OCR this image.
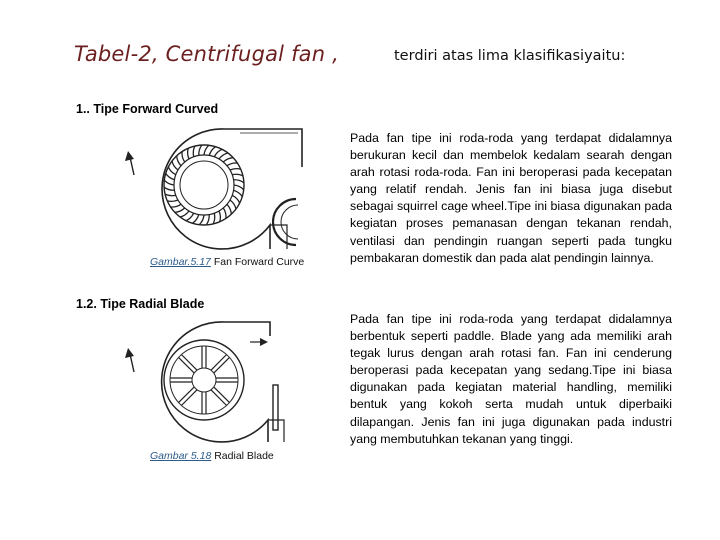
Tabel-2, Centrifugal fan ,	terdiri atas lima klasifikasiyaitu:
1.. Tipe Forward Curved
Gambar.5.17 Fan Forward Curve
Pada fan tipe ini roda-roda yang terdapat didalamnya berukuran kecil dan membelok kedalam searah dengan arah rotasi roda-roda. Fan ini beroperasi pada kecepatan yang relatif rendah. Jenis fan ini biasa juga disebut sebagai squirrel cage wheel.Tipe ini biasa digunakan pada kegiatan proses pemanasan dengan tekanan rendah, ventilasi dan pendingin ruangan seperti pada tungku pembakaran domestik dan pada alat pendingin lainnya.
1.2. Tipe Radial Blade
Gambar 5.18 Radial Blade
Pada fan tipe ini roda-roda yang terdapat didalamnya berbentuk seperti paddle. Blade yang ada memiliki arah tegak lurus dengan arah rotasi fan. Fan ini cenderung beroperasi pada kecepatan yang sedang.Tipe ini biasa digunakan pada kegiatan material handling, memiliki bentuk yang kokoh serta mudah untuk diperbaiki dilapangan. Jenis fan ini juga digunakan pada industri yang membutuhkan tekanan yang tinggi.
